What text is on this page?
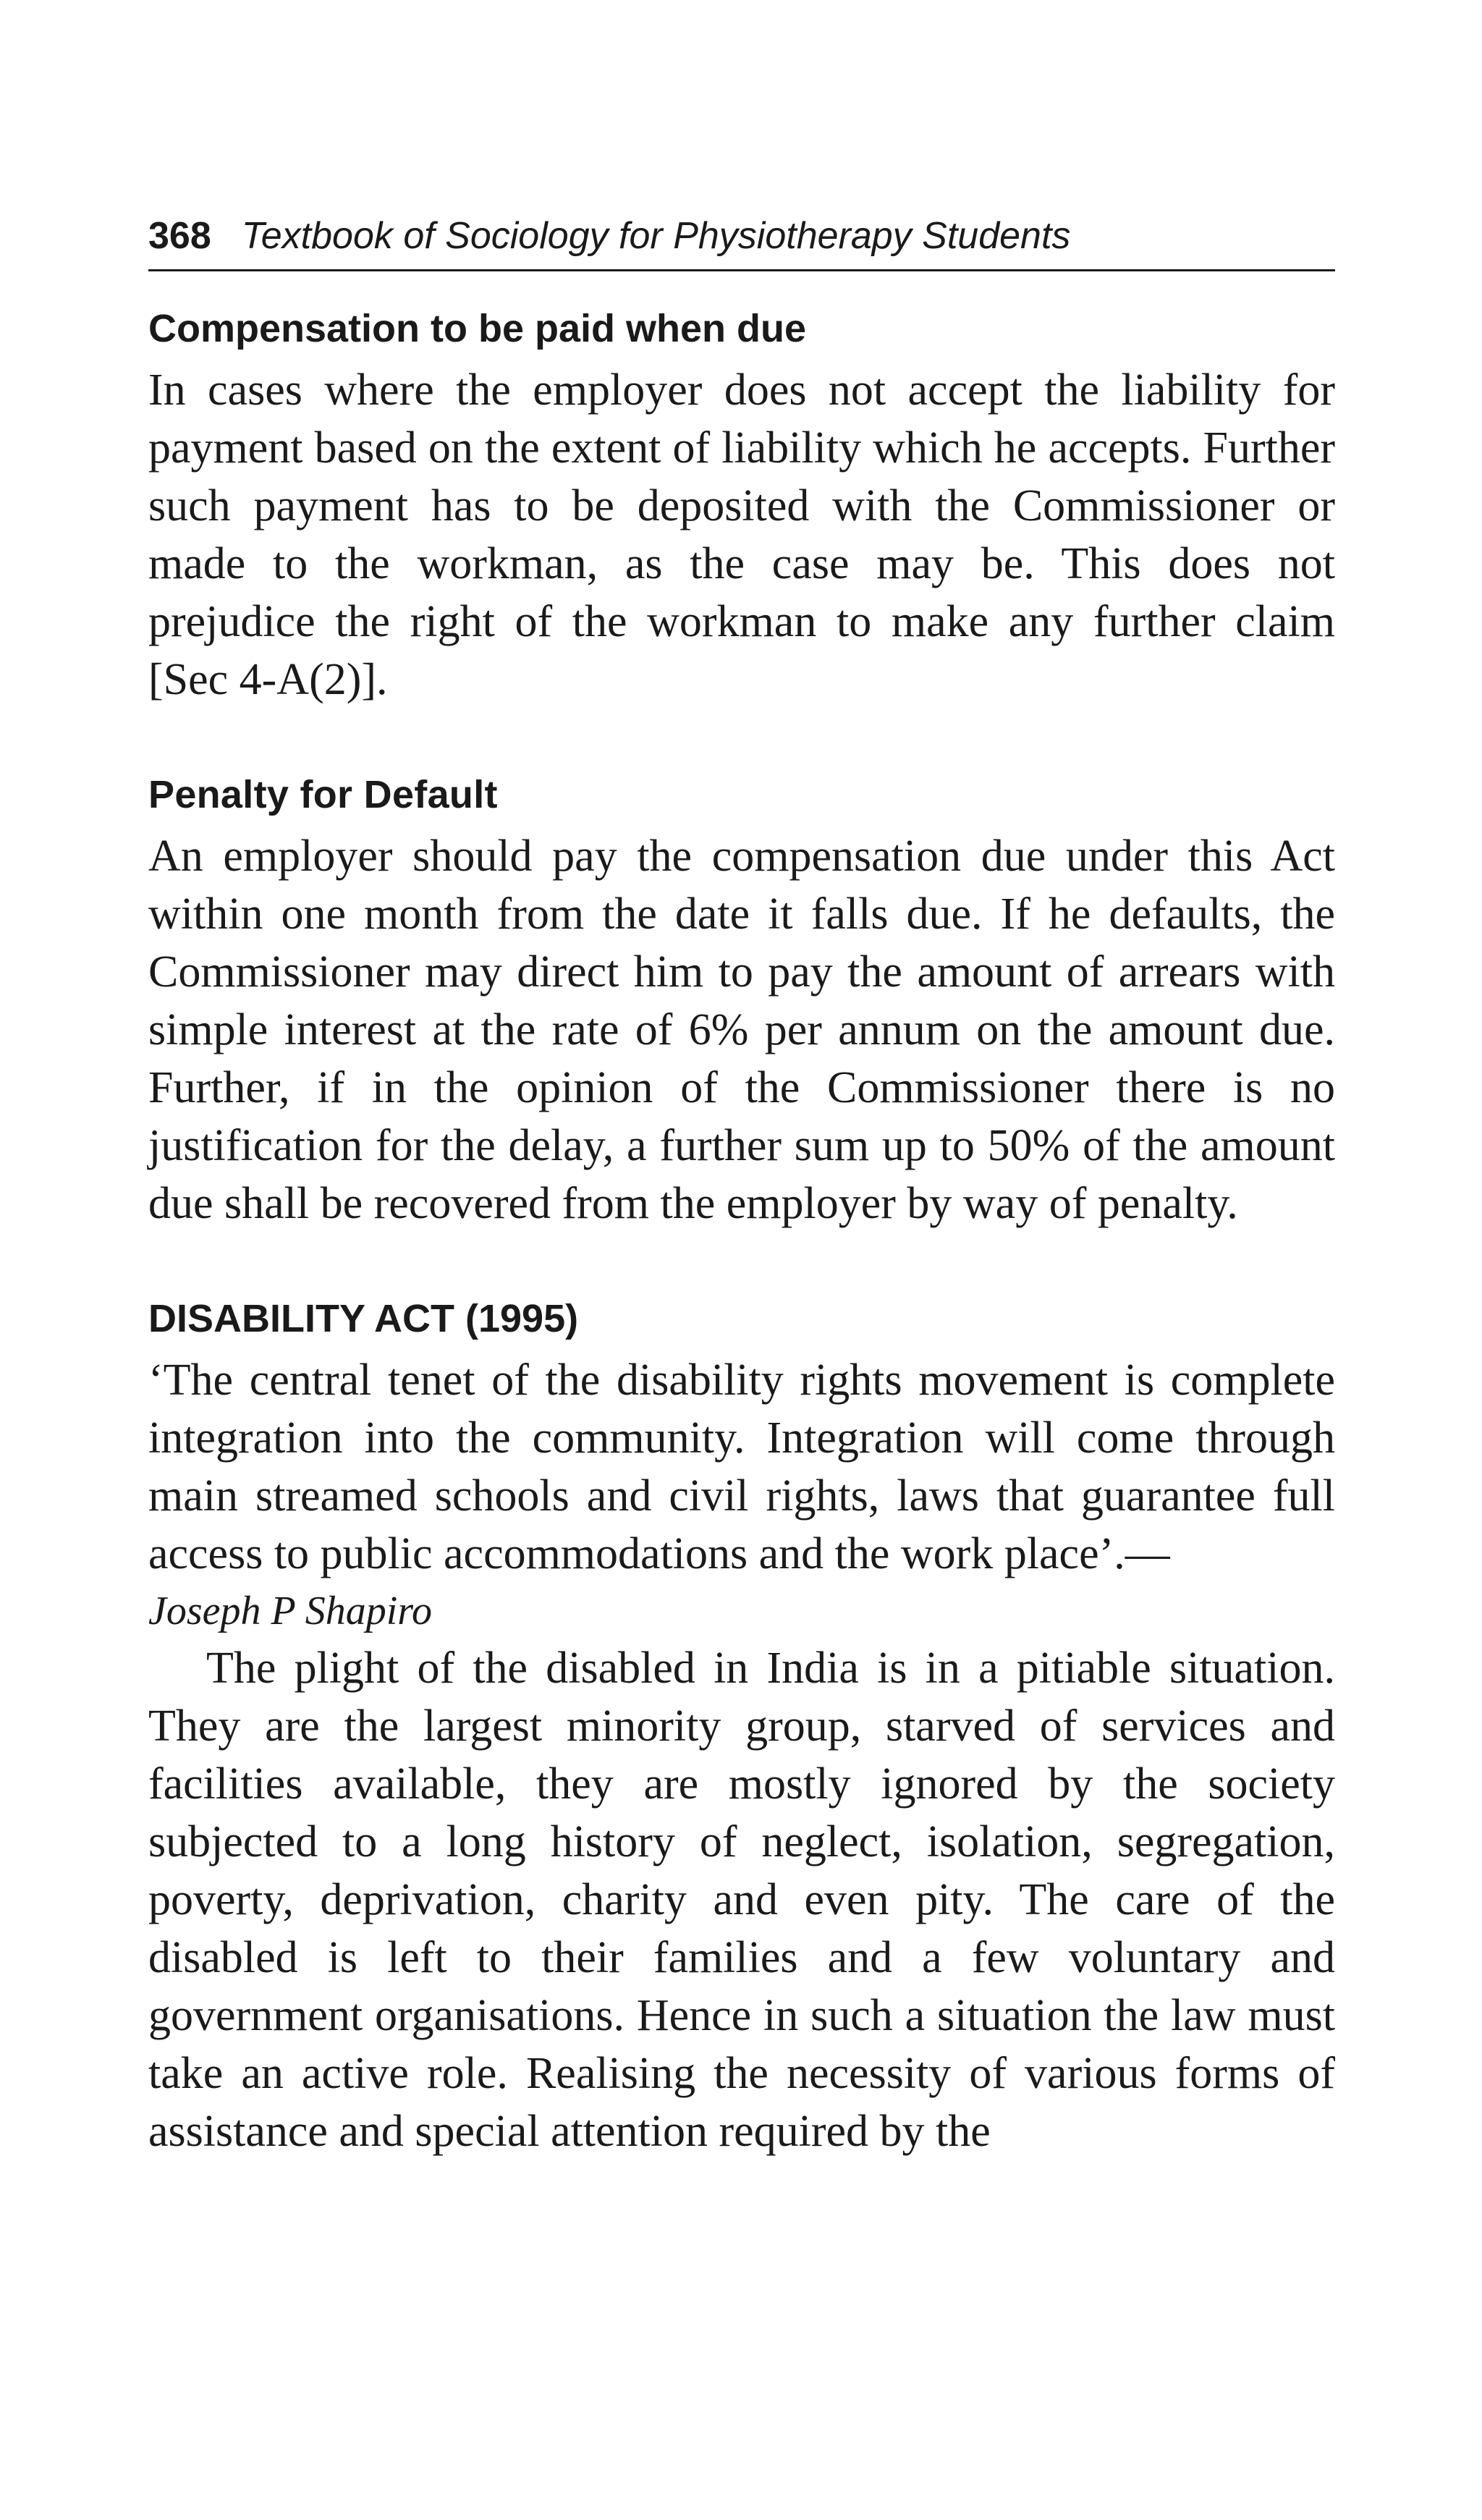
368 Textbook of Sociology for Physiotherapy Students
Compensation to be paid when due

In cases where the employer does not accept the liability for payment based on the extent of liability which he accepts. Further such payment has to be deposited with the Commissioner or made to the workman, as the case may be. This does not prejudice the right of the workman to make any further claim [Sec 4-A(2)].

Penalty for Default

An employer should pay the compensation due under this Act within one month from the date it falls due. If he defaults, the Commissioner may direct him to pay the amount of arrears with simple interest at the rate of 6% per annum on the amount due. Further, if in the opinion of the Commissioner there is no justification for the delay, a further sum up to 50% of the amount due shall be recovered from the employer by way of penalty.

DISABILITY ACT (1995)

‘The central tenet of the disability rights movement is complete integration into the community. Integration will come through main streamed schools and civil rights, laws that guarantee full access to public accommodations and the work place’.—

Joseph P Shapiro

The plight of the disabled in India is in a pitiable situation. They are the largest minority group, starved of services and facilities available, they are mostly ignored by the society subjected to a long history of neglect, isolation, segregation, poverty, deprivation, charity and even pity. The care of the disabled is left to their families and a few voluntary and government organisations. Hence in such a situation the law must take an active role. Realising the necessity of various forms of assistance and special attention required by the
